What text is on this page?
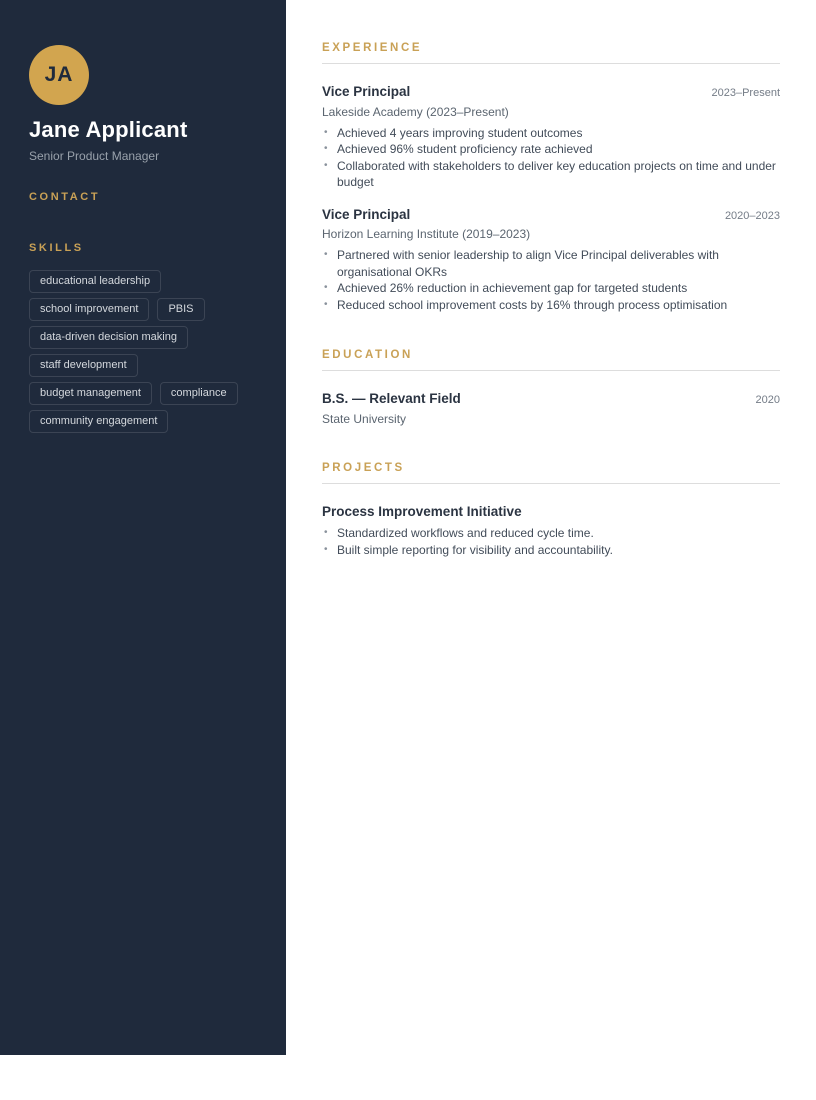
JA
Jane Applicant
Senior Product Manager
CONTACT
SKILLS
educational leadership
school improvement	PBIS
data-driven decision making
staff development
budget management	compliance
community engagement
EXPERIENCE
Vice Principal	2023–Present
Lakeside Academy (2023–Present)
• Achieved 4 years improving student outcomes
• Achieved 96% student proficiency rate achieved
• Collaborated with stakeholders to deliver key education projects on time and under budget
Vice Principal	2020–2023
Horizon Learning Institute (2019–2023)
• Partnered with senior leadership to align Vice Principal deliverables with organisational OKRs
• Achieved 26% reduction in achievement gap for targeted students
• Reduced school improvement costs by 16% through process optimisation
EDUCATION
B.S. — Relevant Field	2020
State University
PROJECTS
Process Improvement Initiative
• Standardized workflows and reduced cycle time.
• Built simple reporting for visibility and accountability.
